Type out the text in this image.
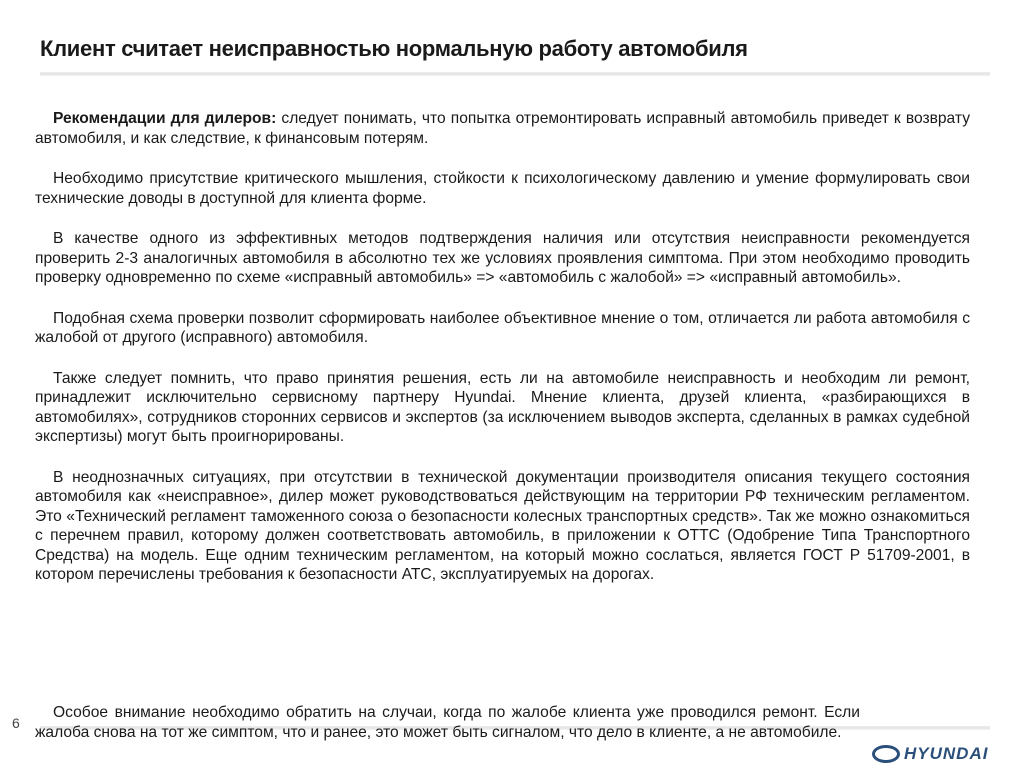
Клиент считает неисправностью нормальную работу автомобиля
Рекомендации для дилеров: следует понимать, что попытка отремонтировать исправный автомобиль приведет к возврату автомобиля, и как следствие, к финансовым потерям.
Необходимо присутствие критического мышления, стойкости к психологическому давлению и умение формулировать свои технические доводы в доступной для клиента форме.
В качестве одного из эффективных методов подтверждения наличия или отсутствия неисправности рекомендуется проверить 2-3 аналогичных автомобиля в абсолютно тех же условиях проявления симптома. При этом необходимо проводить проверку одновременно по схеме «исправный автомобиль» => «автомобиль с жалобой» => «исправный автомобиль».
Подобная схема проверки позволит сформировать наиболее объективное мнение о том, отличается ли работа автомобиля с жалобой от другого (исправного) автомобиля.
Также следует помнить, что право принятия решения, есть ли на автомобиле неисправность и необходим ли ремонт, принадлежит исключительно сервисному партнеру Hyundai. Мнение клиента, друзей клиента, «разбирающихся в автомобилях», сотрудников сторонних сервисов и экспертов (за исключением выводов эксперта, сделанных в рамках судебной экспертизы) могут быть проигнорированы.
В неоднозначных ситуациях, при отсутствии в технической документации производителя описания текущего состояния автомобиля как «неисправное», дилер может руководствоваться действующим на территории РФ техническим регламентом. Это «Технический регламент таможенного союза о безопасности колесных транспортных средств». Так же можно ознакомиться с перечнем правил, которому должен соответствовать автомобиль, в приложении к ОТТС (Одобрение Типа Транспортного Средства) на модель. Еще одним техническим регламентом, на который можно сослаться, является ГОСТ Р 51709-2001, в котором перечислены требования к безопасности АТС, эксплуатируемых на дорогах.
Особое внимание необходимо обратить на случаи, когда по жалобе клиента уже проводился ремонт. Если жалоба снова на тот же симптом, что и ранее, это может быть сигналом, что дело в клиенте, а не автомобиле.
6
HYUNDAI
